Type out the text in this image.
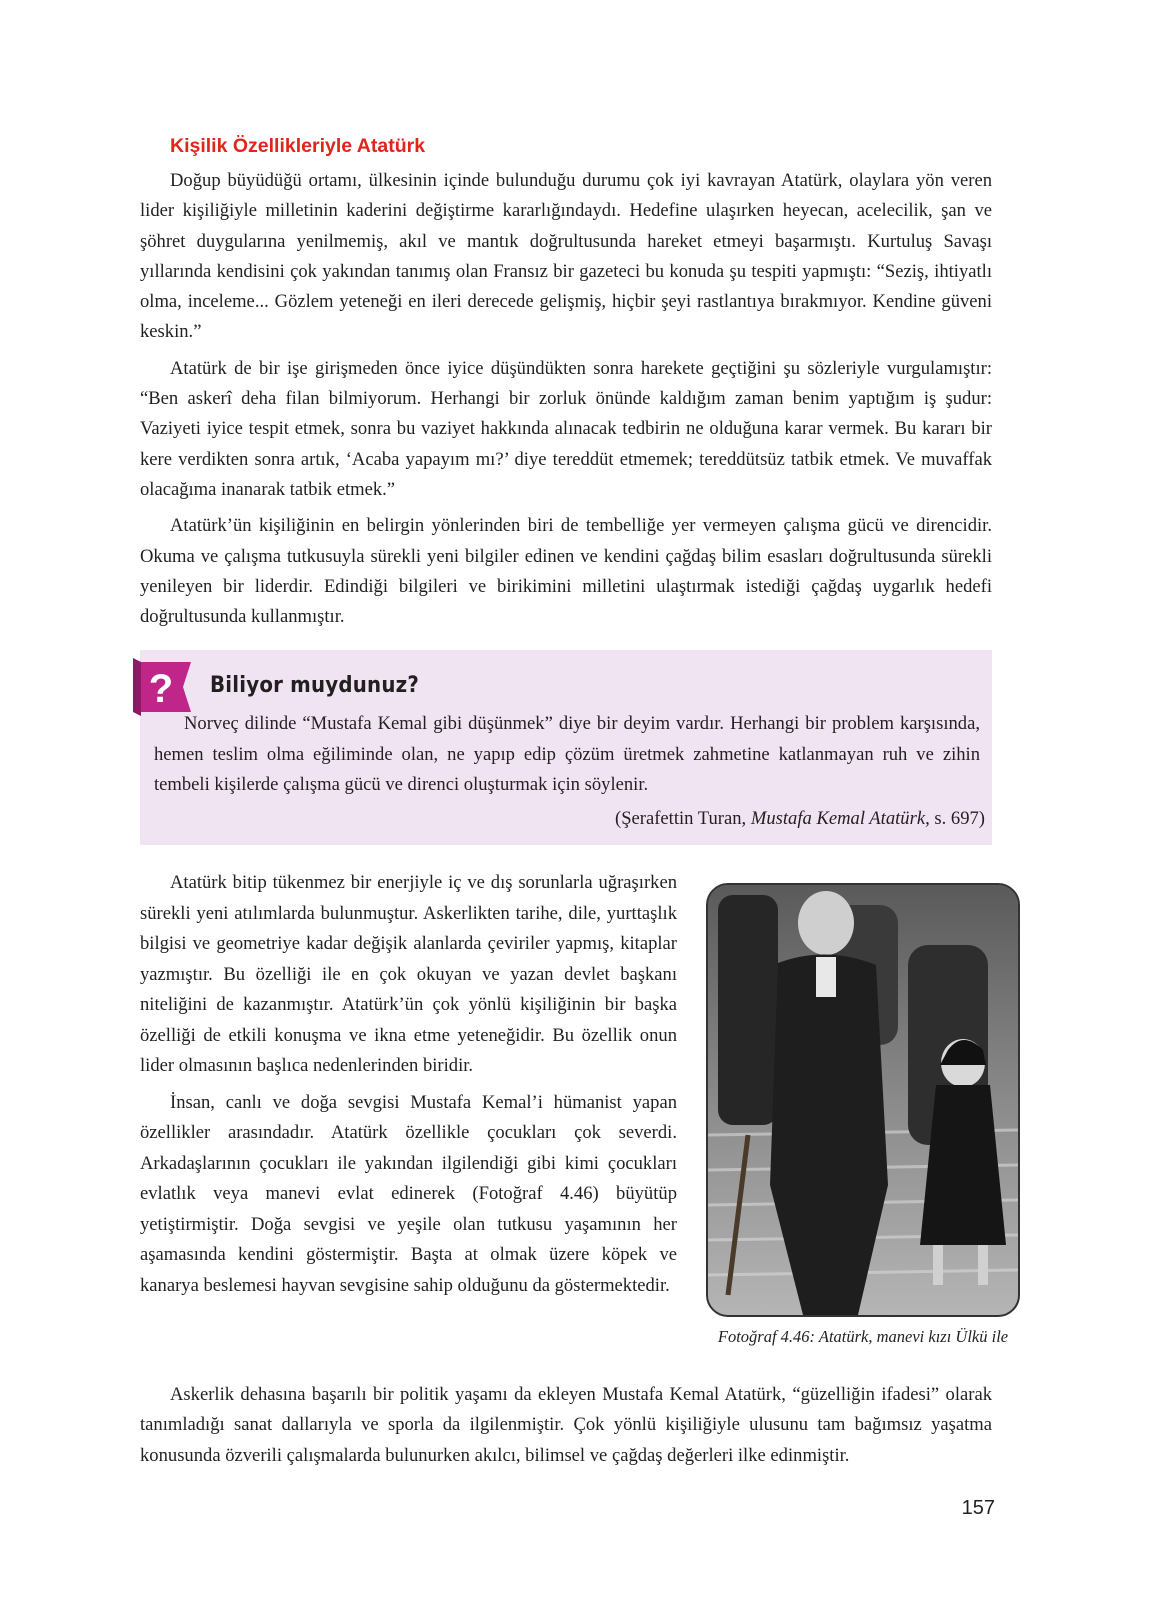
Kişilik Özellikleriyle Atatürk

Doğup büyüdüğü ortamı, ülkesinin içinde bulunduğu durumu çok iyi kavrayan Atatürk, olaylara yön veren lider kişiliğiyle milletinin kaderini değiştirme kararlığındaydı. Hedefine ulaşırken heyecan, acelecilik, şan ve şöhret duygularına yenilmemiş, akıl ve mantık doğrultusunda hareket etmeyi başarmıştı. Kurtuluş Savaşı yıllarında kendisini çok yakından tanımış olan Fransız bir gazeteci bu konuda şu tespiti yapmıştı: “Seziş, ihtiyatlı olma, inceleme... Gözlem yeteneği en ileri derecede gelişmiş, hiçbir şeyi rastlantıya bırakmıyor. Kendine güveni keskin.”

Atatürk de bir işe girişmeden önce iyice düşündükten sonra harekete geçtiğini şu sözleriyle vurgulamıştır: “Ben askerî deha filan bilmiyorum. Herhangi bir zorluk önünde kaldığım zaman benim yaptığım iş şudur: Vaziyeti iyice tespit etmek, sonra bu vaziyet hakkında alınacak tedbirin ne olduğuna karar vermek. Bu kararı bir kere verdikten sonra artık, ‘Acaba yapayım mı?’ diye tereddüt etmemek; tereddütsüz tatbik etmek. Ve muvaffak olacağıma inanarak tatbik etmek.”

Atatürk’ün kişiliğinin en belirgin yönlerinden biri de tembelliğe yer vermeyen çalışma gücü ve direncidir. Okuma ve çalışma tutkusuyla sürekli yeni bilgiler edinen ve kendini çağdaş bilim esasları doğrultusunda sürekli yenileyen bir liderdir. Edindiği bilgileri ve birikimini milletini ulaştırmak istediği çağdaş uygarlık hedefi doğrultusunda kullanmıştır.

? Biliyor muydunuz?

Norveç dilinde “Mustafa Kemal gibi düşünmek” diye bir deyim vardır. Herhangi bir problem karşısında, hemen teslim olma eğiliminde olan, ne yapıp edip çözüm üretmek zahmetine katlanmayan ruh ve zihin tembeli kişilerde çalışma gücü ve direnci oluşturmak için söylenir.

(Şerafettin Turan, Mustafa Kemal Atatürk, s. 697)

Atatürk bitip tükenmez bir enerjiyle iç ve dış sorunlarla uğraşırken sürekli yeni atılımlarda bulunmuştur. Askerlikten tarihe, dile, yurttaşlık bilgisi ve geometriye kadar değişik alanlarda çeviriler yapmış, kitaplar yazmıştır. Bu özelliği ile en çok okuyan ve yazan devlet başkanı niteliğini de kazanmıştır. Atatürk’ün çok yönlü kişiliğinin bir başka özelliği de etkili konuşma ve ikna etme yeteneğidir. Bu özellik onun lider olmasının başlıca nedenlerinden biridir.

İnsan, canlı ve doğa sevgisi Mustafa Kemal’i hümanist yapan özellikler arasındadır. Atatürk özellikle çocukları çok severdi. Arkadaşlarının çocukları ile yakından ilgilendiği gibi kimi çocukları evlatlık veya manevi evlat edinerek (Fotoğraf 4.46) büyütüp yetiştirmiştir. Doğa sevgisi ve yeşile olan tutkusu yaşamının her aşamasında kendini göstermiştir. Başta at olmak üzere köpek ve kanarya beslemesi hayvan sevgisine sahip olduğunu da göstermektedir.

Fotoğraf 4.46: Atatürk, manevi kızı Ülkü ile

Askerlik dehasına başarılı bir politik yaşamı da ekleyen Mustafa Kemal Atatürk, “güzelliğin ifadesi” olarak tanımladığı sanat dallarıyla ve sporla da ilgilenmiştir. Çok yönlü kişiliğiyle ulusunu tam bağımsız yaşatma konusunda özverili çalışmalarda bulunurken akılcı, bilimsel ve çağdaş değerleri ilke edinmiştir.

157
